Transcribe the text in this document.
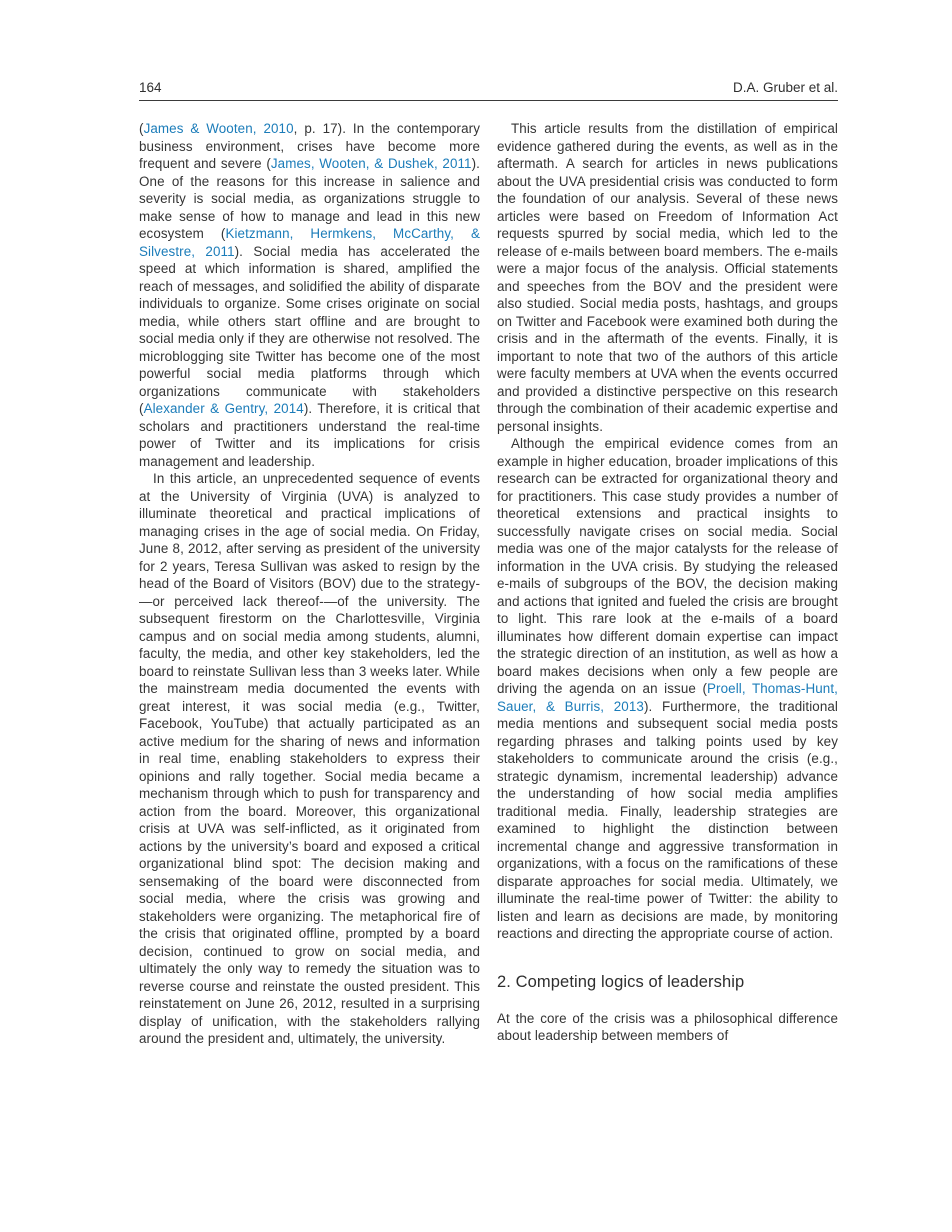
164	D.A. Gruber et al.

(James & Wooten, 2010, p. 17). In the contemporary business environment, crises have become more frequent and severe (James, Wooten, & Dushek, 2011). One of the reasons for this increase in salience and severity is social media, as organizations struggle to make sense of how to manage and lead in this new ecosystem (Kietzmann, Hermkens, McCarthy, & Silvestre, 2011). Social media has accelerated the speed at which information is shared, amplified the reach of messages, and solidified the ability of disparate individuals to organize. Some crises originate on social media, while others start offline and are brought to social media only if they are otherwise not resolved. The microblogging site Twitter has become one of the most powerful social media platforms through which organizations communicate with stakeholders (Alexander & Gentry, 2014). Therefore, it is critical that scholars and practitioners understand the real-time power of Twitter and its implications for crisis management and leadership.

In this article, an unprecedented sequence of events at the University of Virginia (UVA) is analyzed to illuminate theoretical and practical implications of managing crises in the age of social media. On Friday, June 8, 2012, after serving as president of the university for 2 years, Teresa Sullivan was asked to resign by the head of the Board of Visitors (BOV) due to the strategy-—or perceived lack thereof-—of the university. The subsequent firestorm on the Charlottesville, Virginia campus and on social media among students, alumni, faculty, the media, and other key stakeholders, led the board to reinstate Sullivan less than 3 weeks later. While the mainstream media documented the events with great interest, it was social media (e.g., Twitter, Facebook, YouTube) that actually participated as an active medium for the sharing of news and information in real time, enabling stakeholders to express their opinions and rally together. Social media became a mechanism through which to push for transparency and action from the board. Moreover, this organizational crisis at UVA was self-inflicted, as it originated from actions by the university’s board and exposed a critical organizational blind spot: The decision making and sensemaking of the board were disconnected from social media, where the crisis was growing and stakeholders were organizing. The metaphorical fire of the crisis that originated offline, prompted by a board decision, continued to grow on social media, and ultimately the only way to remedy the situation was to reverse course and reinstate the ousted president. This reinstatement on June 26, 2012, resulted in a surprising display of unification, with the stakeholders rallying around the president and, ultimately, the university.

This article results from the distillation of empirical evidence gathered during the events, as well as in the aftermath. A search for articles in news publications about the UVA presidential crisis was conducted to form the foundation of our analysis. Several of these news articles were based on Freedom of Information Act requests spurred by social media, which led to the release of e-mails between board members. The e-mails were a major focus of the analysis. Official statements and speeches from the BOV and the president were also studied. Social media posts, hashtags, and groups on Twitter and Facebook were examined both during the crisis and in the aftermath of the events. Finally, it is important to note that two of the authors of this article were faculty members at UVA when the events occurred and provided a distinctive perspective on this research through the combination of their academic expertise and personal insights.

Although the empirical evidence comes from an example in higher education, broader implications of this research can be extracted for organizational theory and for practitioners. This case study provides a number of theoretical extensions and practical insights to successfully navigate crises on social media. Social media was one of the major catalysts for the release of information in the UVA crisis. By studying the released e-mails of subgroups of the BOV, the decision making and actions that ignited and fueled the crisis are brought to light. This rare look at the e-mails of a board illuminates how different domain expertise can impact the strategic direction of an institution, as well as how a board makes decisions when only a few people are driving the agenda on an issue (Proell, Thomas-Hunt, Sauer, & Burris, 2013). Furthermore, the traditional media mentions and subsequent social media posts regarding phrases and talking points used by key stakeholders to communicate around the crisis (e.g., strategic dynamism, incremental leadership) advance the understanding of how social media amplifies traditional media. Finally, leadership strategies are examined to highlight the distinction between incremental change and aggressive transformation in organizations, with a focus on the ramifications of these disparate approaches for social media. Ultimately, we illuminate the real-time power of Twitter: the ability to listen and learn as decisions are made, by monitoring reactions and directing the appropriate course of action.

2. Competing logics of leadership

At the core of the crisis was a philosophical difference about leadership between members of
